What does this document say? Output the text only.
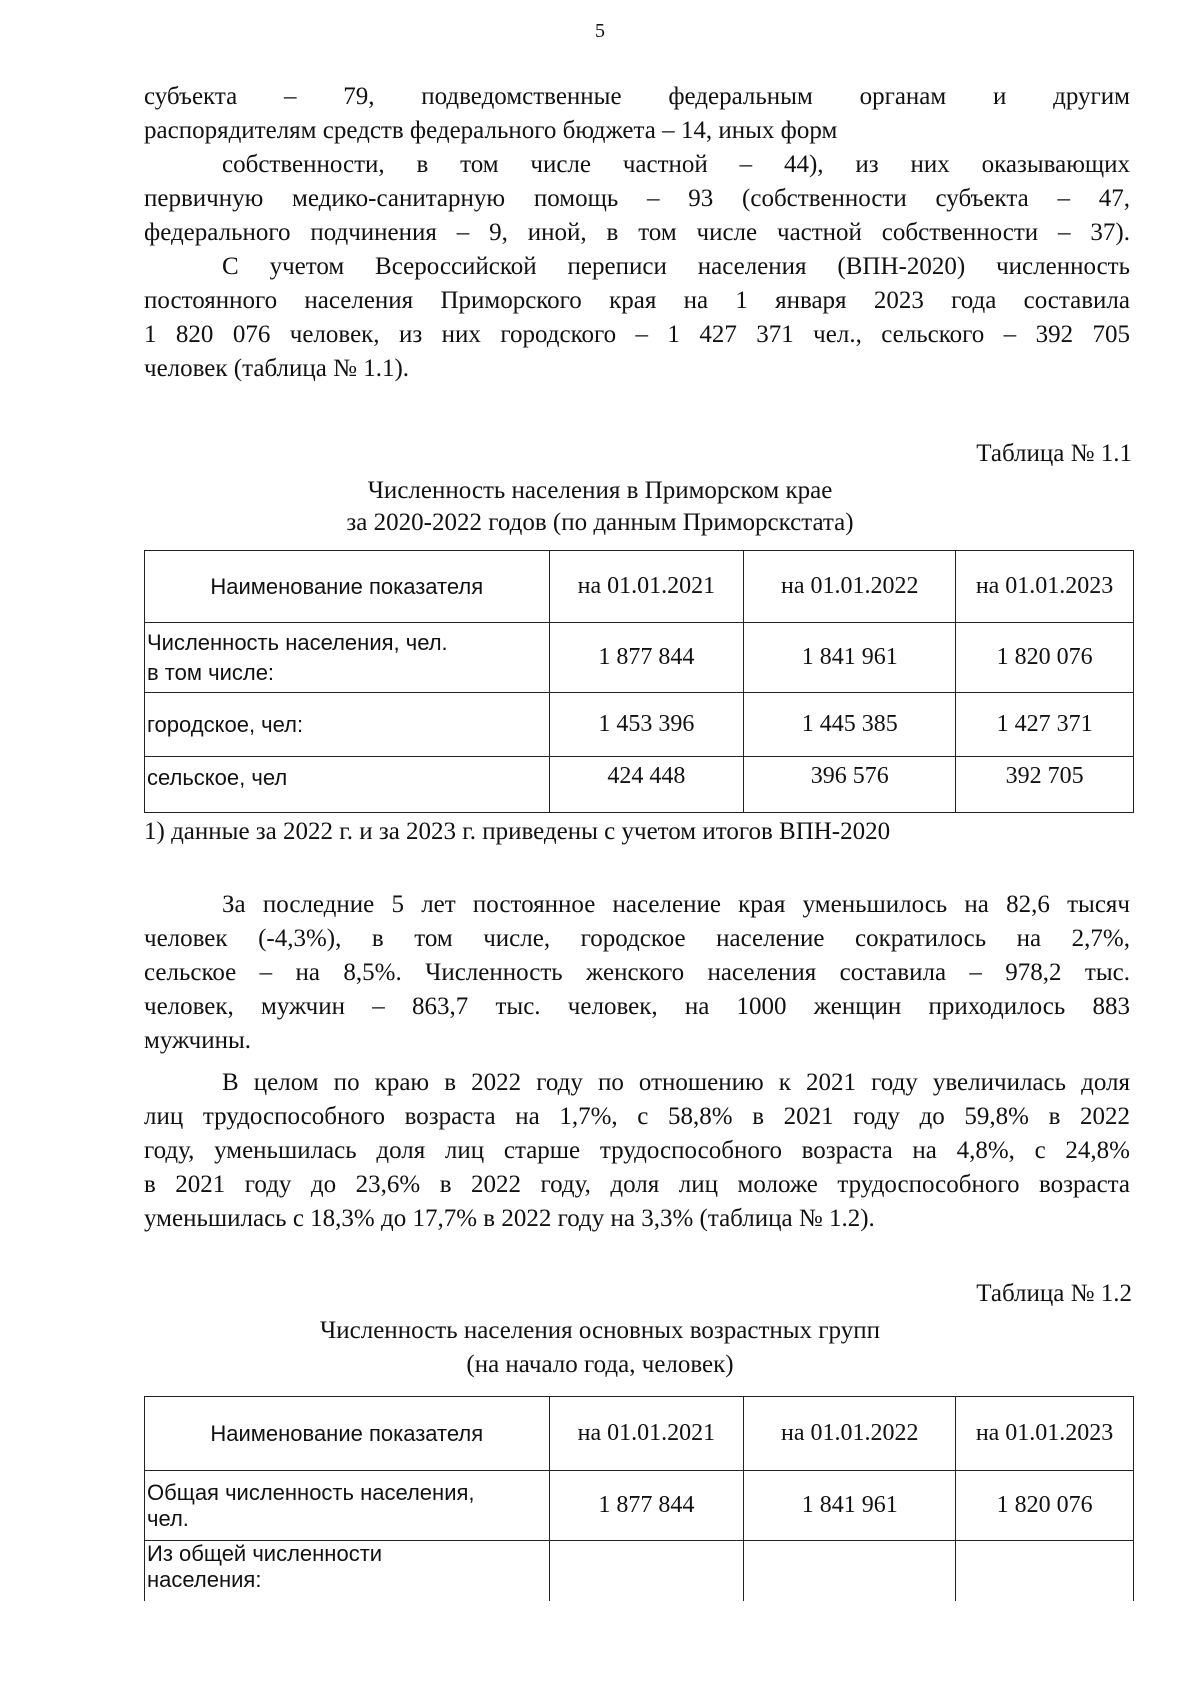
5
субъекта – 79, подведомственные федеральным органам и другим
распорядителям средств федерального бюджета – 14, иных форм
собственности, в том числе частной – 44), из них оказывающих
первичную медико-санитарную помощь – 93 (собственности субъекта – 47,
федерального подчинения – 9, иной, в том числе частной собственности – 37).
С учетом Всероссийской переписи населения (ВПН-2020) численность
постоянного населения Приморского края на 1 января 2023 года составила
1 820 076 человек, из них городского – 1 427 371 чел., сельского – 392 705
человек (таблица № 1.1).
Таблица № 1.1
Численность населения в Приморском крае
за 2020-2022 годов (по данным Приморскстата)
Наименование показателя	на 01.01.2021	на 01.01.2022	на 01.01.2023

Численность населения, чел.
в том числе:	1 877 844	1 841 961	1 820 076
городское, чел:	1 453 396	1 445 385	1 427 371
сельское, чел	424 448	396 576	392 705
1) данные за 2022 г. и за 2023 г. приведены с учетом итогов ВПН-2020
За последние 5 лет постоянное население края уменьшилось на 82,6 тысяч
человек (-4,3%), в том числе, городское население сократилось на 2,7%,
сельское – на 8,5%. Численность женского населения составила – 978,2 тыс.
человек, мужчин – 863,7 тыс. человек, на 1000 женщин приходилось 883
мужчины.
В целом по краю в 2022 году по отношению к 2021 году увеличилась доля
лиц трудоспособного возраста на 1,7%, с 58,8% в 2021 году до 59,8% в 2022
году, уменьшилась доля лиц старше трудоспособного возраста на 4,8%, с 24,8%
в 2021 году до 23,6% в 2022 году, доля лиц моложе трудоспособного возраста
уменьшилась с 18,3% до 17,7% в 2022 году на 3,3% (таблица № 1.2).
Таблица № 1.2
Численность населения основных возрастных групп
(на начало года, человек)
Наименование показателя	на 01.01.2021	на 01.01.2022	на 01.01.2023

Общая численность населения,
чел.	1 877 844	1 841 961	1 820 076

Из общей численности
населения:			
